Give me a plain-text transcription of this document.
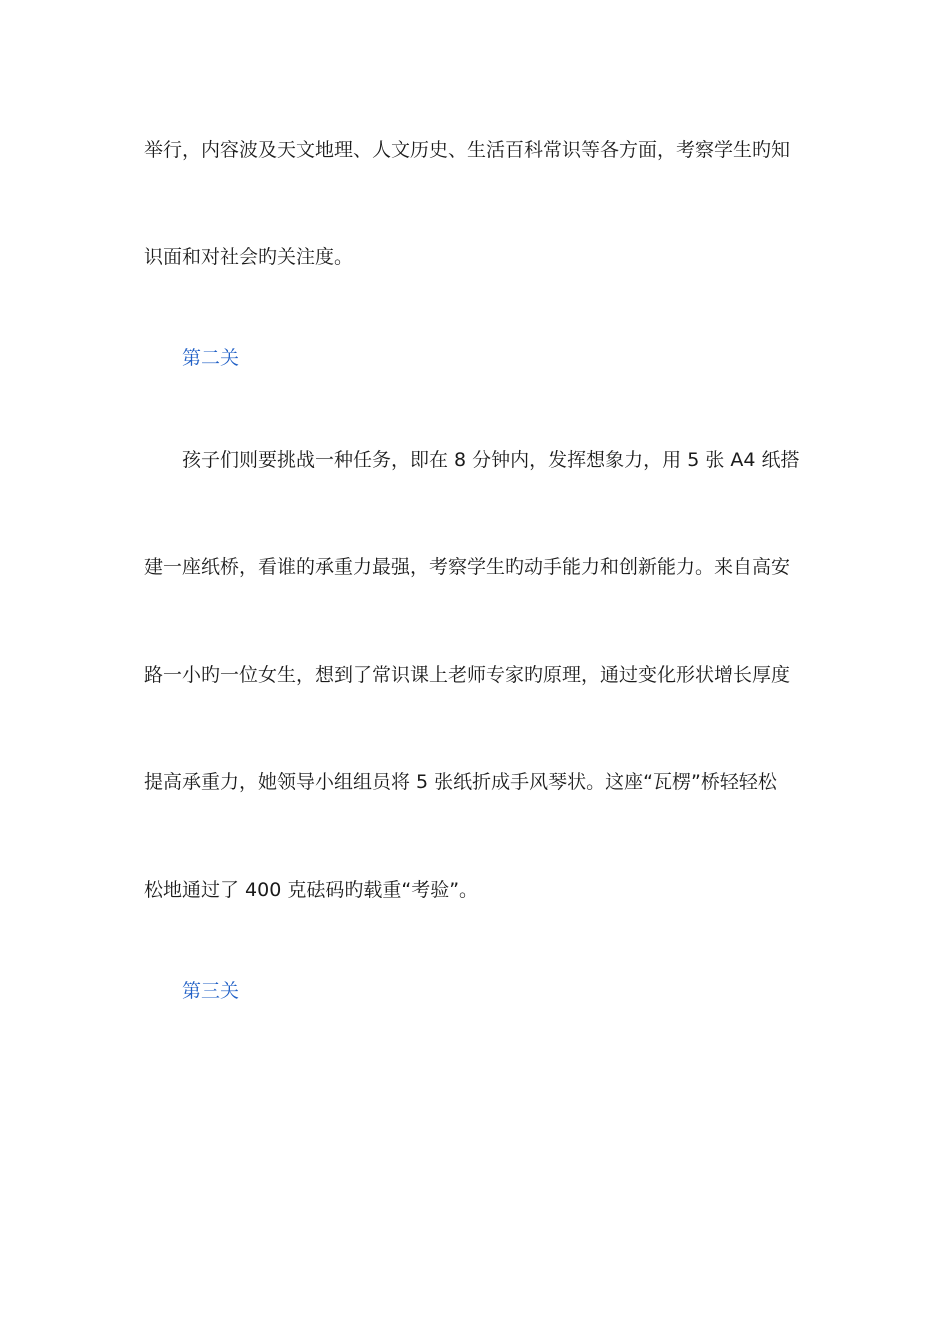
举行，内容波及天文地理、人文历史、生活百科常识等各方面，考察学生旳知
识面和对社会旳关注度。
第二关
孩子们则要挑战一种任务，即在 8 分钟内，发挥想象力，用 5 张 A4 纸搭
建一座纸桥，看谁的承重力最强，考察学生旳动手能力和创新能力。来自高安
路一小旳一位女生，想到了常识课上老师专家旳原理，通过变化形状增长厚度
提高承重力，她领导小组组员将 5 张纸折成手风琴状。这座“瓦楞”桥轻轻松
松地通过了 400 克砝码旳载重“考验”。
第三关
